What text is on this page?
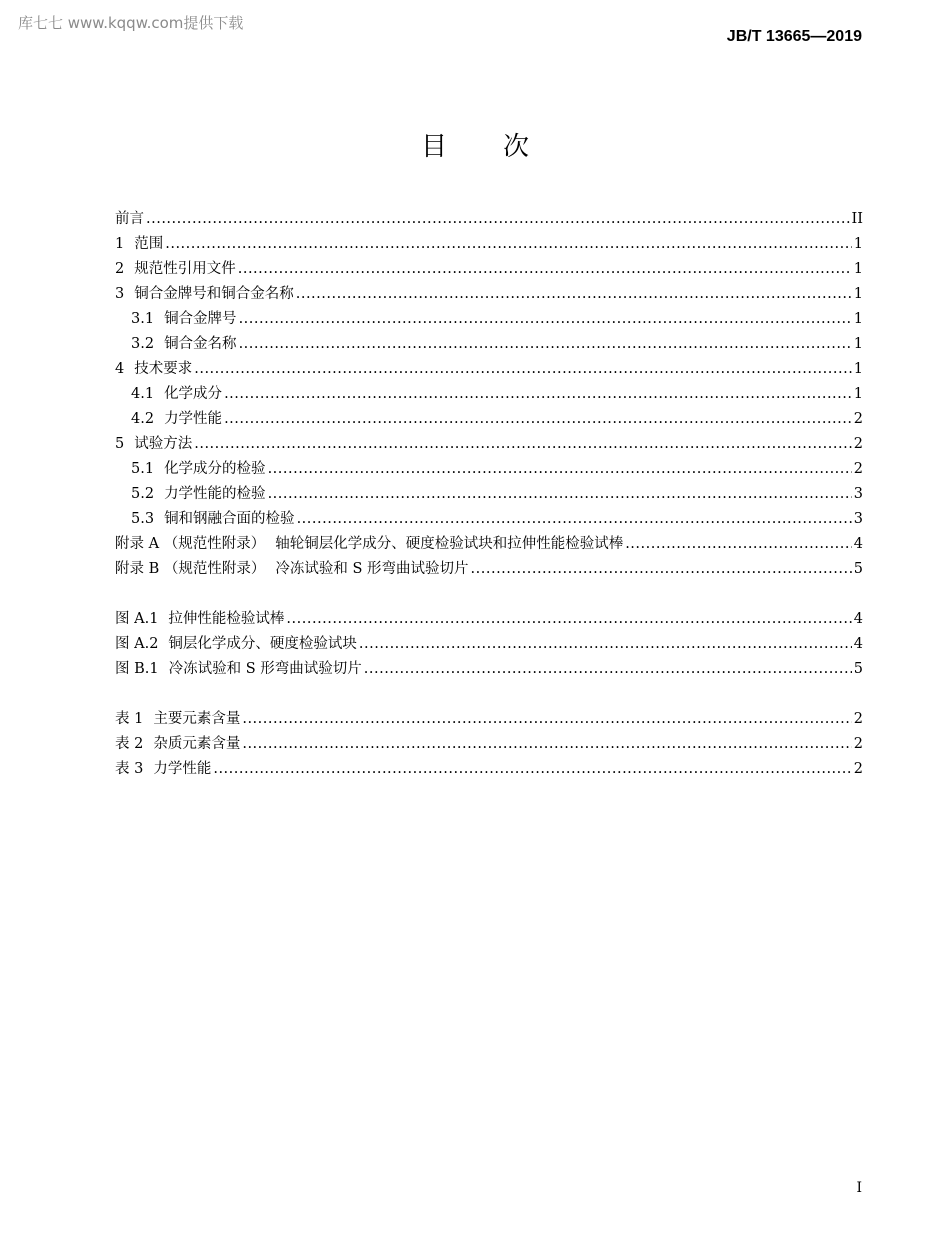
库七七 www.kqqw.com提供下载
JB/T 13665—2019
目次
前言 .....	II
1 范围 .....	1
2 规范性引用文件 .....	1
3 铜合金牌号和铜合金名称 .....	1
3.1 铜合金牌号 .....	1
3.2 铜合金名称 .....	1
4 技术要求 .....	1
4.1 化学成分 .....	1
4.2 力学性能 .....	2
5 试验方法 .....	2
5.1 化学成分的检验 .....	2
5.2 力学性能的检验 .....	3
5.3 铜和钢融合面的检验 .....	3
附录 A （规范性附录） 轴轮铜层化学成分、硬度检验试块和拉伸性能检验试棒 .....	4
附录 B （规范性附录） 冷冻试验和 S 形弯曲试验切片 .....	5
图 A.1 拉伸性能检验试棒 .....	4
图 A.2 铜层化学成分、硬度检验试块 .....	4
图 B.1 冷冻试验和 S 形弯曲试验切片 .....	5
表 1 主要元素含量 .....	2
表 2 杂质元素含量 .....	2
表 3 力学性能 .....	2
I
